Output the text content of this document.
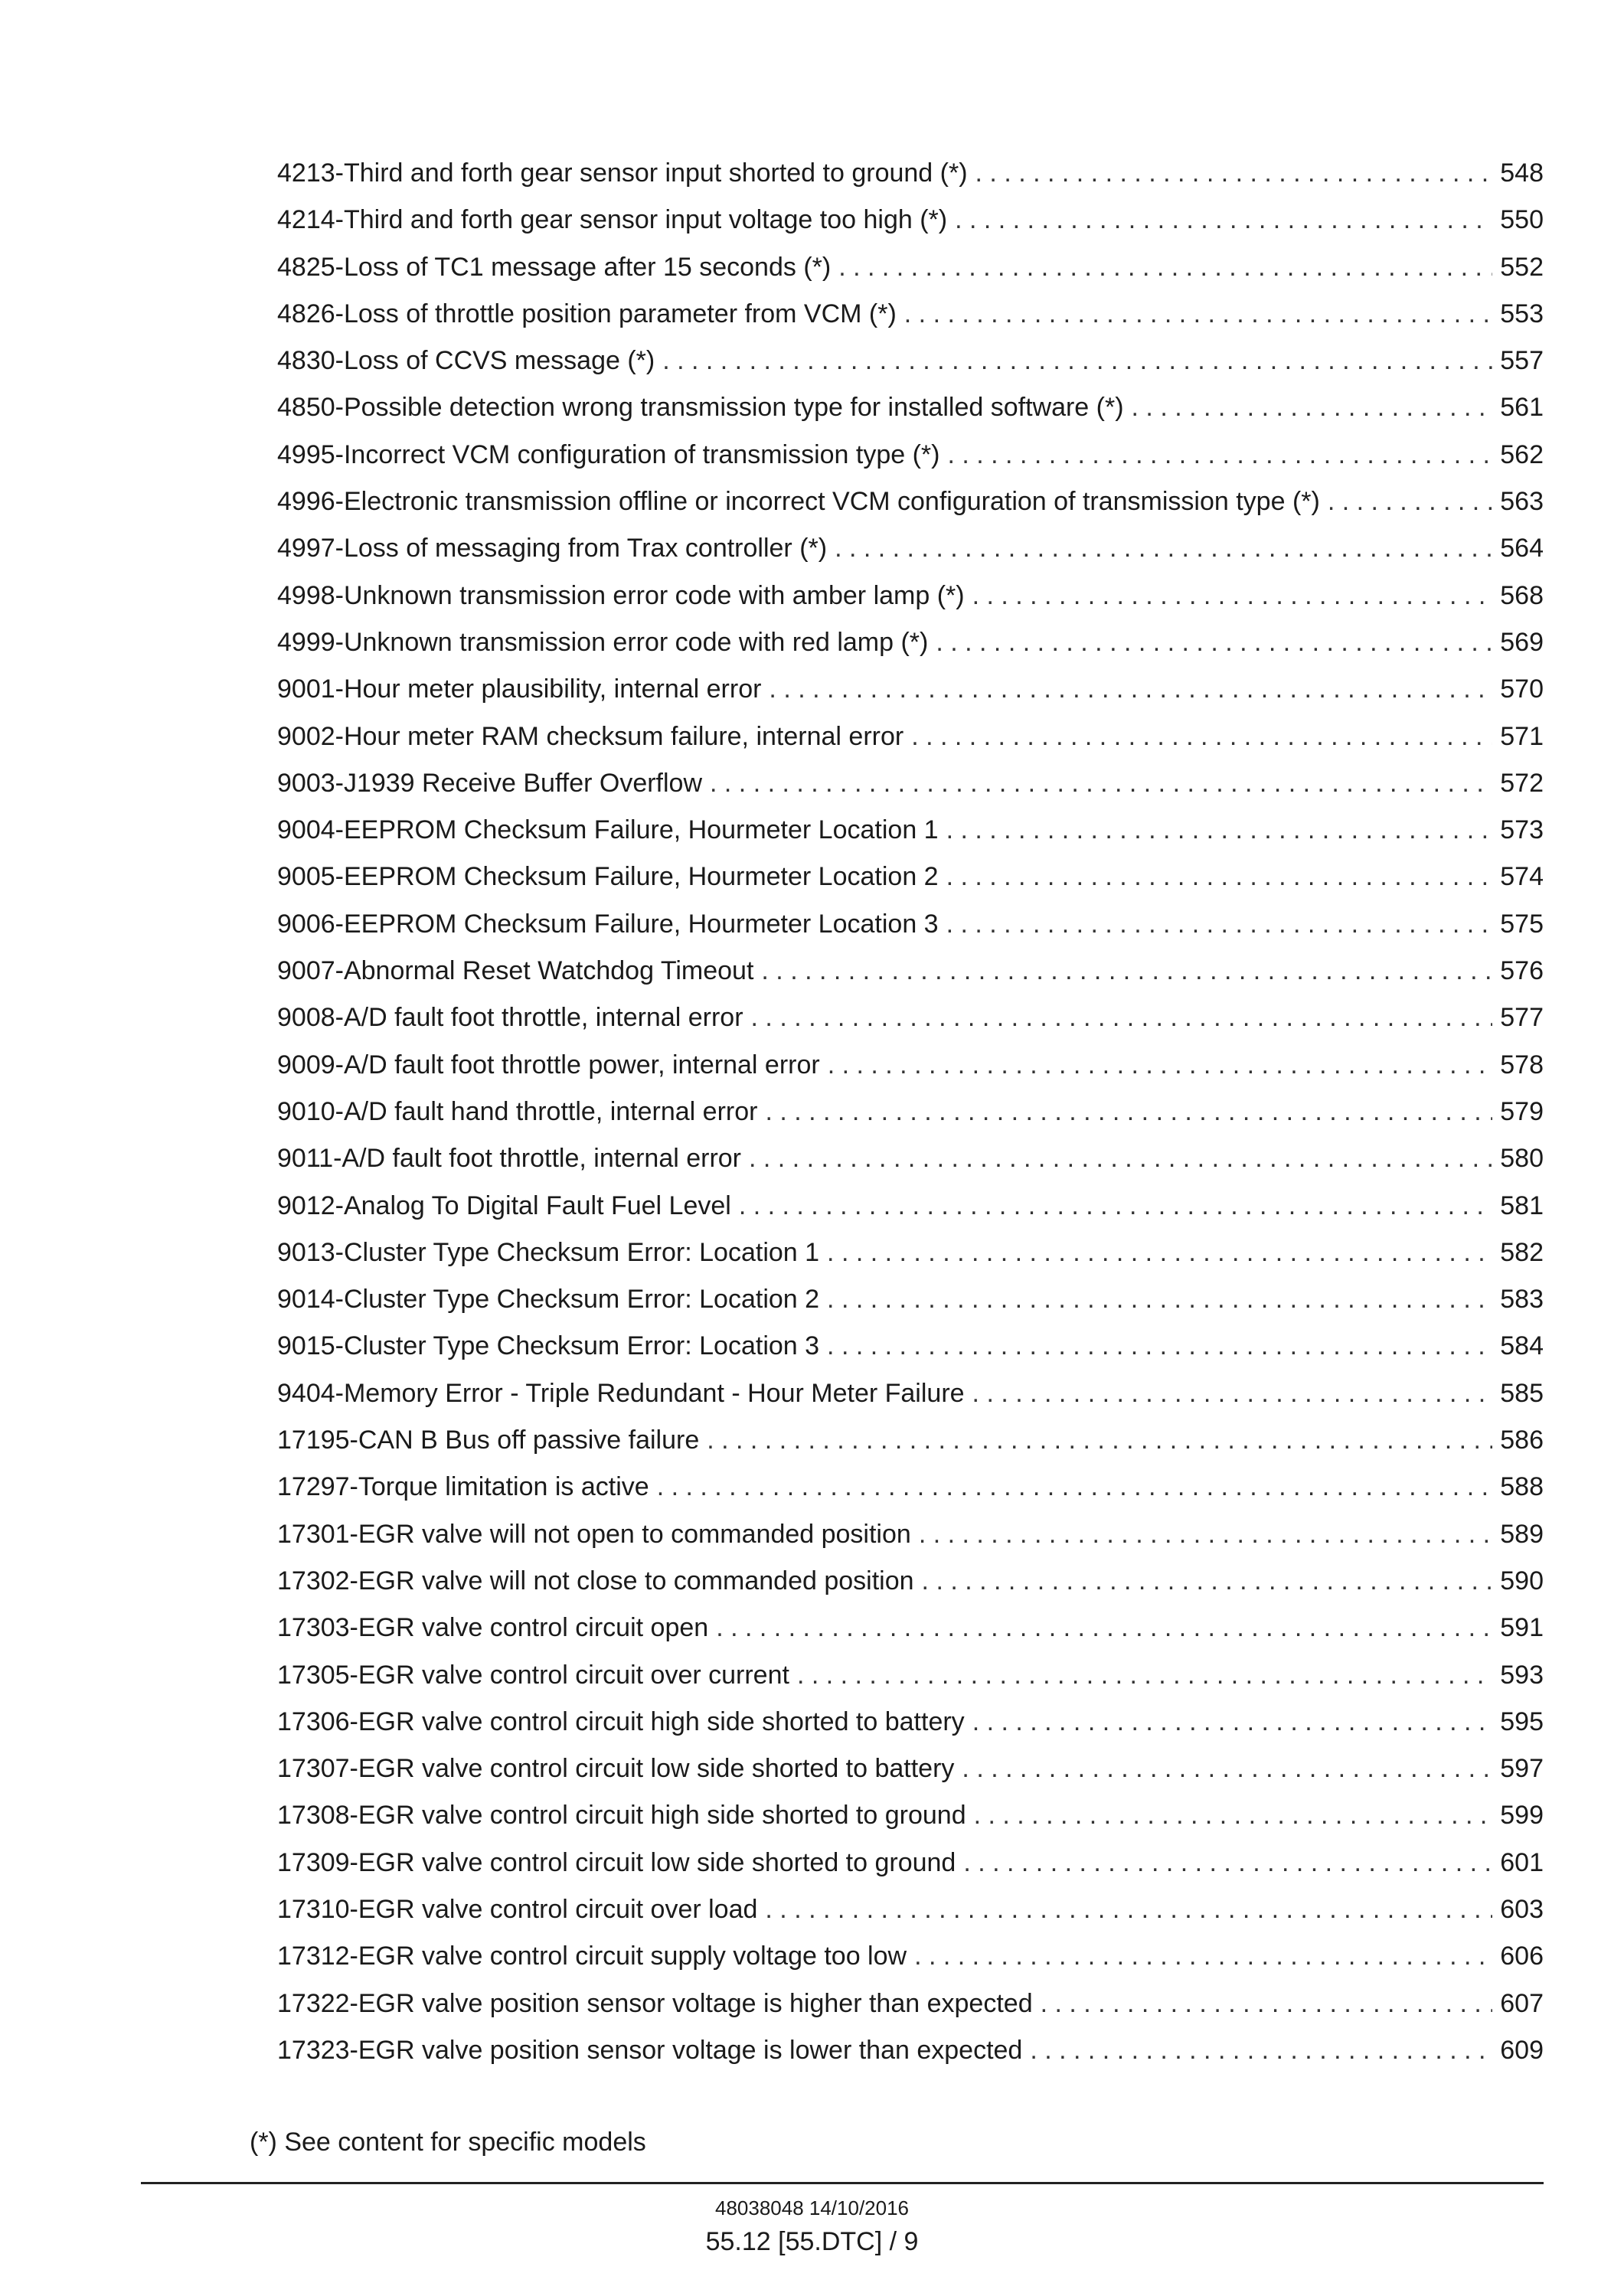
4213-Third and forth gear sensor input shorted to ground (*) . . .	548
4214-Third and forth gear sensor input voltage too high (*) . . .	550
4825-Loss of TC1 message after 15 seconds (*) . . .	552
4826-Loss of throttle position parameter from VCM (*) . . .	553
4830-Loss of CCVS message (*) . . .	557
4850-Possible detection wrong transmission type for installed software (*) . . .	561
4995-Incorrect VCM configuration of transmission type (*) . . .	562
4996-Electronic transmission offline or incorrect VCM configuration of transmission type (*) . . .	563
4997-Loss of messaging from Trax controller (*) . . .	564
4998-Unknown transmission error code with amber lamp (*) . . .	568
4999-Unknown transmission error code with red lamp (*) . . .	569
9001-Hour meter plausibility, internal error . . .	570
9002-Hour meter RAM checksum failure, internal error . . .	571
9003-J1939 Receive Buffer Overflow . . .	572
9004-EEPROM Checksum Failure, Hourmeter Location 1 . . .	573
9005-EEPROM Checksum Failure, Hourmeter Location 2 . . .	574
9006-EEPROM Checksum Failure, Hourmeter Location 3 . . .	575
9007-Abnormal Reset Watchdog Timeout . . .	576
9008-A/D fault foot throttle, internal error . . .	577
9009-A/D fault foot throttle power, internal error . . .	578
9010-A/D fault hand throttle, internal error . . .	579
9011-A/D fault foot throttle, internal error . . .	580
9012-Analog To Digital Fault Fuel Level . . .	581
9013-Cluster Type Checksum Error: Location 1 . . .	582
9014-Cluster Type Checksum Error: Location 2 . . .	583
9015-Cluster Type Checksum Error: Location 3 . . .	584
9404-Memory Error - Triple Redundant - Hour Meter Failure . . .	585
17195-CAN B Bus off passive failure . . .	586
17297-Torque limitation is active . . .	588
17301-EGR valve will not open to commanded position . . .	589
17302-EGR valve will not close to commanded position . . .	590
17303-EGR valve control circuit open . . .	591
17305-EGR valve control circuit over current . . .	593
17306-EGR valve control circuit high side shorted to battery . . .	595
17307-EGR valve control circuit low side shorted to battery . . .	597
17308-EGR valve control circuit high side shorted to ground . . .	599
17309-EGR valve control circuit low side shorted to ground . . .	601
17310-EGR valve control circuit over load . . .	603
17312-EGR valve control circuit supply voltage too low . . .	606
17322-EGR valve position sensor voltage is higher than expected . . .	607
17323-EGR valve position sensor voltage is lower than expected . . .	609
(*) See content for specific models
48038048 14/10/2016
55.12 [55.DTC] / 9
